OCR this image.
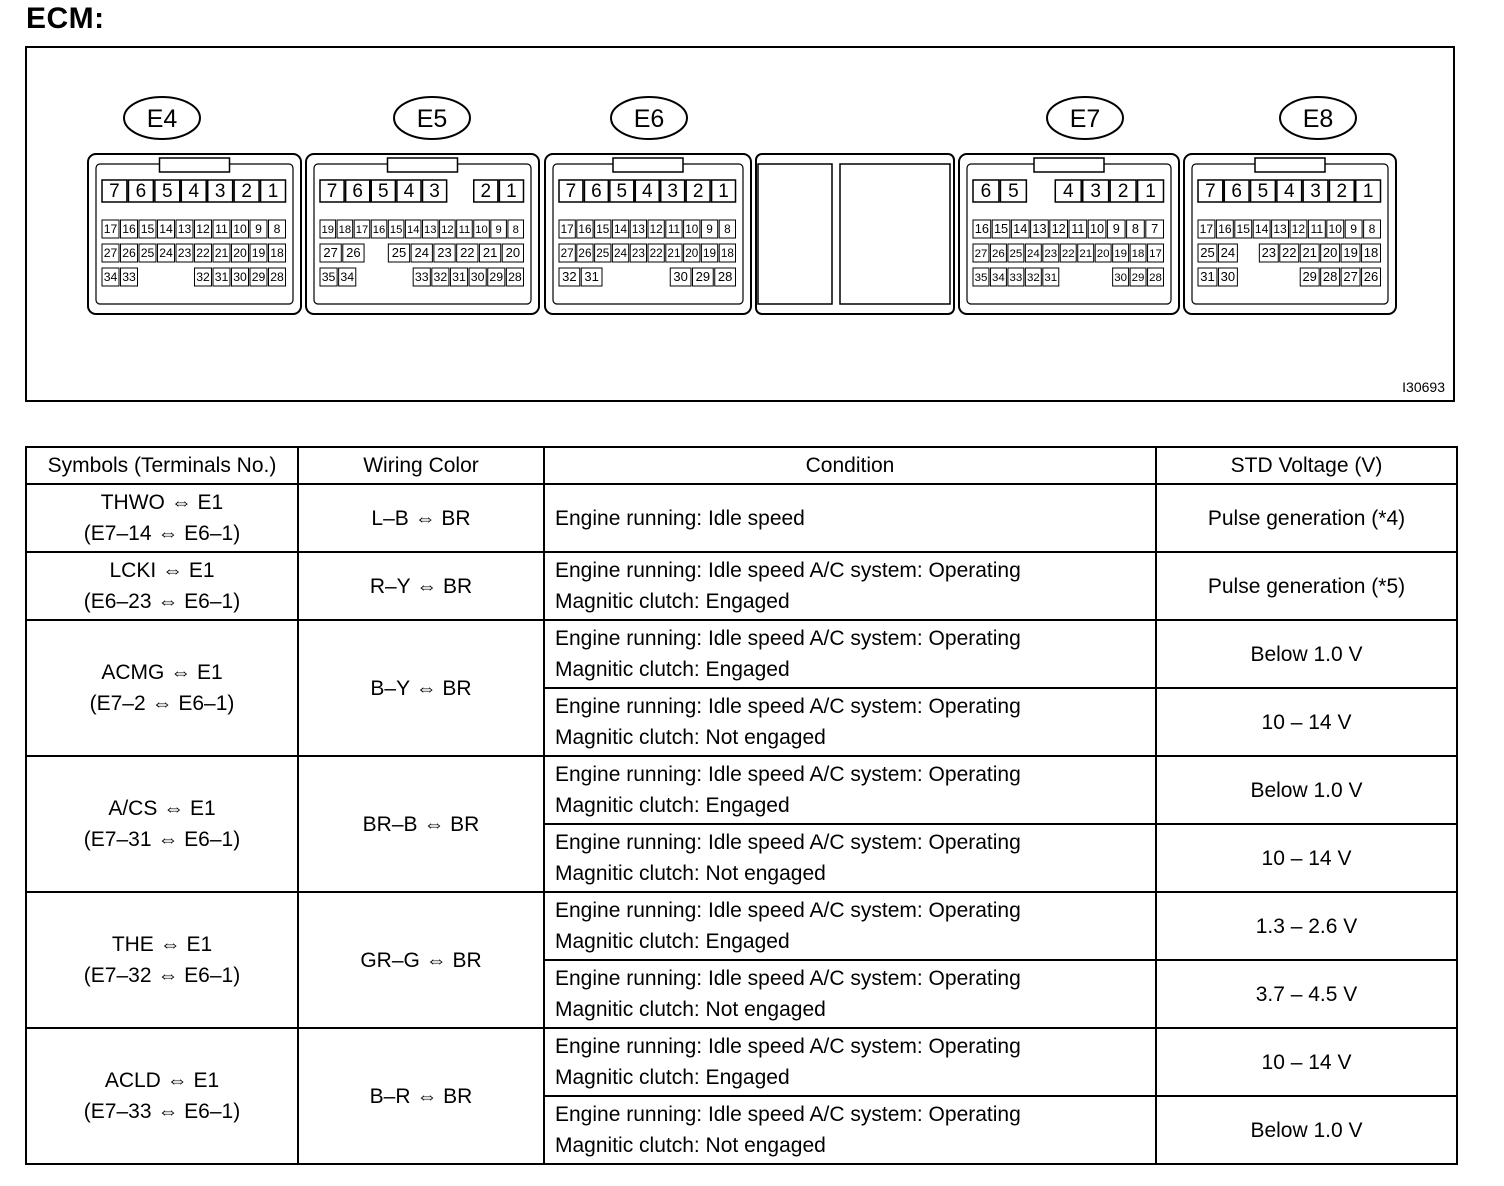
ECM:
E4
7 6 5 4 3 2 1
17 16 15 14 13 12 11 10 9 8
27 26 25 24 23 22 21 20 19 18
34 33	32 31 30 29 28
E5
7 6 5 4 3 2 1
19 18 17 16 15 14 13 12 11 10 9 8
27 26 25 24 23 22 21 20
35 34	33 32 31 30 29 28
E6
7 6 5 4 3 2 1
17 16 15 14 13 12 11 10 9 8
27 26 25 24 23 22 21 20 19 18
32 31	30 29 28
E7
6 5 4 3 2 1
16 15 14 13 12 11 10 9 8 7
27 26 25 24 23 22 21 20 19 18 17
35 34 33 32 31	30 29 28
E8
7 6 5 4 3 2 1
17 16 15 14 13 12 11 10 9 8
25 24 23 22 21 20 19 18
31 30	29 28 27 26
I30693
Symbols (Terminals No.)	Wiring Color	Condition	STD Voltage (V)
THWO ⇔ E1
(E7–14 ⇔ E6–1)	L–B ⇔ BR	Engine running: Idle speed	Pulse generation (*4)
LCKI ⇔ E1
(E6–23 ⇔ E6–1)	R–Y ⇔ BR	Engine running: Idle speed A/C system: Operating
Magnitic clutch: Engaged	Pulse generation (*5)
ACMG ⇔ E1
(E7–2 ⇔ E6–1)	B–Y ⇔ BR	Engine running: Idle speed A/C system: Operating
Magnitic clutch: Engaged	Below 1.0 V
		Engine running: Idle speed A/C system: Operating
Magnitic clutch: Not engaged	10 – 14 V
A/CS ⇔ E1
(E7–31 ⇔ E6–1)	BR–B ⇔ BR	Engine running: Idle speed A/C system: Operating
Magnitic clutch: Engaged	Below 1.0 V
		Engine running: Idle speed A/C system: Operating
Magnitic clutch: Not engaged	10 – 14 V
THE ⇔ E1
(E7–32 ⇔ E6–1)	GR–G ⇔ BR	Engine running: Idle speed A/C system: Operating
Magnitic clutch: Engaged	1.3 – 2.6 V
		Engine running: Idle speed A/C system: Operating
Magnitic clutch: Not engaged	3.7 – 4.5 V
ACLD ⇔ E1
(E7–33 ⇔ E6–1)	B–R ⇔ BR	Engine running: Idle speed A/C system: Operating
Magnitic clutch: Engaged	10 – 14 V
		Engine running: Idle speed A/C system: Operating
Magnitic clutch: Not engaged	Below 1.0 V
